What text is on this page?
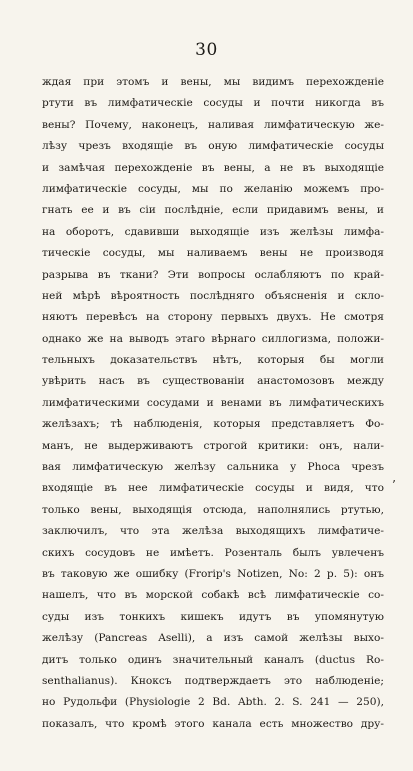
30
ждая при этомъ и вены, мы видимъ перехожденіе
ртути въ лимфатическіе сосуды и почти никогда въ
вены? Почему, наконецъ, наливая лимфатическую же-
лѣзу чрезъ входящіе въ оную лимфатическіе сосуды
и замѣчая перехожденіе въ вены, а не въ выходящіе
лимфатическіе сосуды, мы по желанію можемъ про-
гнать ее и въ сіи послѣдніе, если придавимъ вены, и
на оборотъ, сдавивши выходящіе изъ желѣзы лимфа-
тическіе сосуды, мы наливаемъ вены не производя
разрыва въ ткани? Эти вопросы ослабляютъ по край-
ней мѣрѣ вѣроятность послѣдняго объясненія и скло-
няютъ перевѣсъ на сторону первыхъ двухъ. Не смотря
однако же на выводъ этаго вѣрнаго силлогизма, положи-
тельныхъ доказательствъ нѣтъ, которыя бы могли
увѣрить насъ въ существованіи анастомозовъ между
лимфатическими сосудами и венами въ лимфатическихъ
желѣзахъ; тѣ наблюденія, которыя представляетъ Фо-
манъ, не выдерживаютъ строгой критики: онъ, нали-
вая лимфатическую желѣзу сальника у Phoca чрезъ
входящіе въ нее лимфатическіе сосуды и видя, что
только вены, выходящія отсюда, наполнялись ртутью,
заключилъ, что эта желѣза выходящихъ лимфатиче-
скихъ сосудовъ не имѣетъ. Розенталь былъ увлеченъ
въ таковую же ошибку (Frorip's Notizen, No: 2 p. 5): онъ
нашелъ, что въ морской собакѣ всѣ лимфатическіе со-
суды изъ тонкихъ кишекъ идутъ въ упомянутую
желѣзу (Pancreas Aselli), а изъ самой желѣзы выхо-
дитъ только одинъ значительный каналъ (ductus Ro-
senthalianus). Кноксъ подтверждаетъ это наблюденіе;
но Рудольфи (Physiologie 2 Bd. Abth. 2. S. 241 — 250),
показалъ, что кромѣ этого канала есть множество дру-
’
